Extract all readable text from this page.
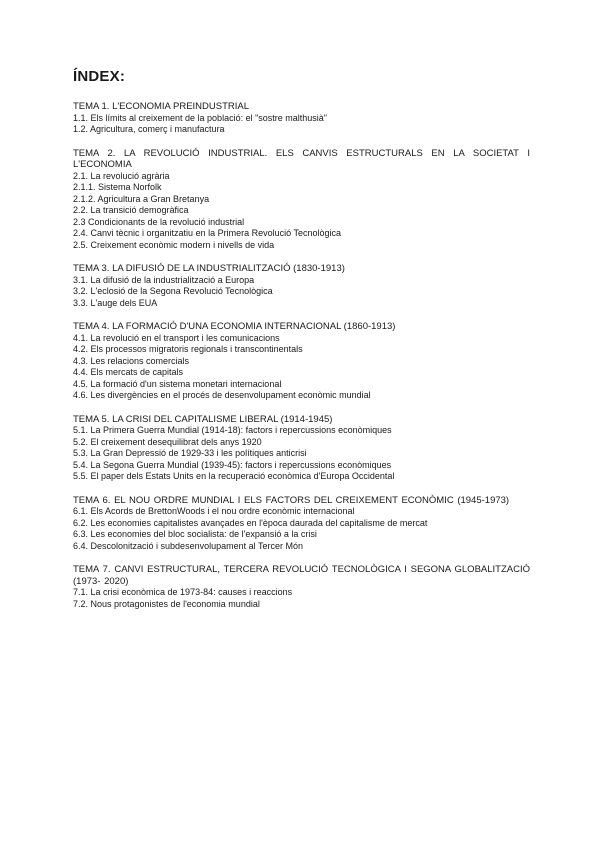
ÍNDEX:

TEMA 1. L'ECONOMIA PREINDUSTRIAL

1.1. Els límits al creixement de la població: el "sostre malthusià"

1.2. Agricultura, comerç i manufactura

TEMA 2. LA REVOLUCIÓ INDUSTRIAL. ELS CANVIS ESTRUCTURALS EN LA SOCIETAT I L'ECONOMIA

2.1. La revolució agrària

2.1.1. Sistema Norfolk

2.1.2. Agricultura a Gran Bretanya

2.2. La transició demogràfica

2.3 Condicionants de la revolució industrial

2.4. Canvi tècnic i organitzatiu en la Primera Revolució Tecnològica

2.5. Creixement econòmic modern i nivells de vida

TEMA 3. LA DIFUSIÓ DE LA INDUSTRIALITZACIÓ (1830-1913)

3.1. La difusió de la industrialització a Europa

3.2. L'eclosió de la Segona Revolució Tecnològica

3.3. L'auge dels EUA

TEMA 4. LA FORMACIÓ D'UNA ECONOMIA INTERNACIONAL (1860-1913)

4.1. La revolució en el transport i les comunicacions

4.2. Els processos migratoris regionals i transcontinentals

4.3. Les relacions comercials

4.4. Els mercats de capitals

4.5. La formació d'un sistema monetari internacional

4.6. Les divergències en el procés de desenvolupament econòmic mundial

TEMA 5. LA CRISI DEL CAPITALISME LIBERAL (1914-1945)

5.1. La Primera Guerra Mundial (1914-18): factors i repercussions econòmiques

5.2. El creixement desequilibrat dels anys 1920

5.3. La Gran Depressió de 1929-33 i les polítiques anticrisi

5.4. La Segona Guerra Mundial (1939-45): factors i repercussions econòmiques

5.5. El paper dels Estats Units en la recuperació econòmica d'Europa Occidental

TEMA 6. EL NOU ORDRE MUNDIAL I ELS FACTORS DEL CREIXEMENT ECONÒMIC (1945-1973)

6.1. Els Acords de BrettonWoods i el nou ordre econòmic internacional

6.2. Les economies capitalistes avançades en l'època daurada del capitalisme de mercat

6.3. Les economies del bloc socialista: de l'expansió a la crisi

6.4. Descolonització i subdesenvolupament al Tercer Món

TEMA 7. CANVI ESTRUCTURAL, TERCERA REVOLUCIÓ TECNOLÒGICA I SEGONA GLOBALITZACIÓ (1973- 2020)

7.1. La crisi econòmica de 1973-84: causes i reaccions

7.2. Nous protagonistes de l'economia mundial
